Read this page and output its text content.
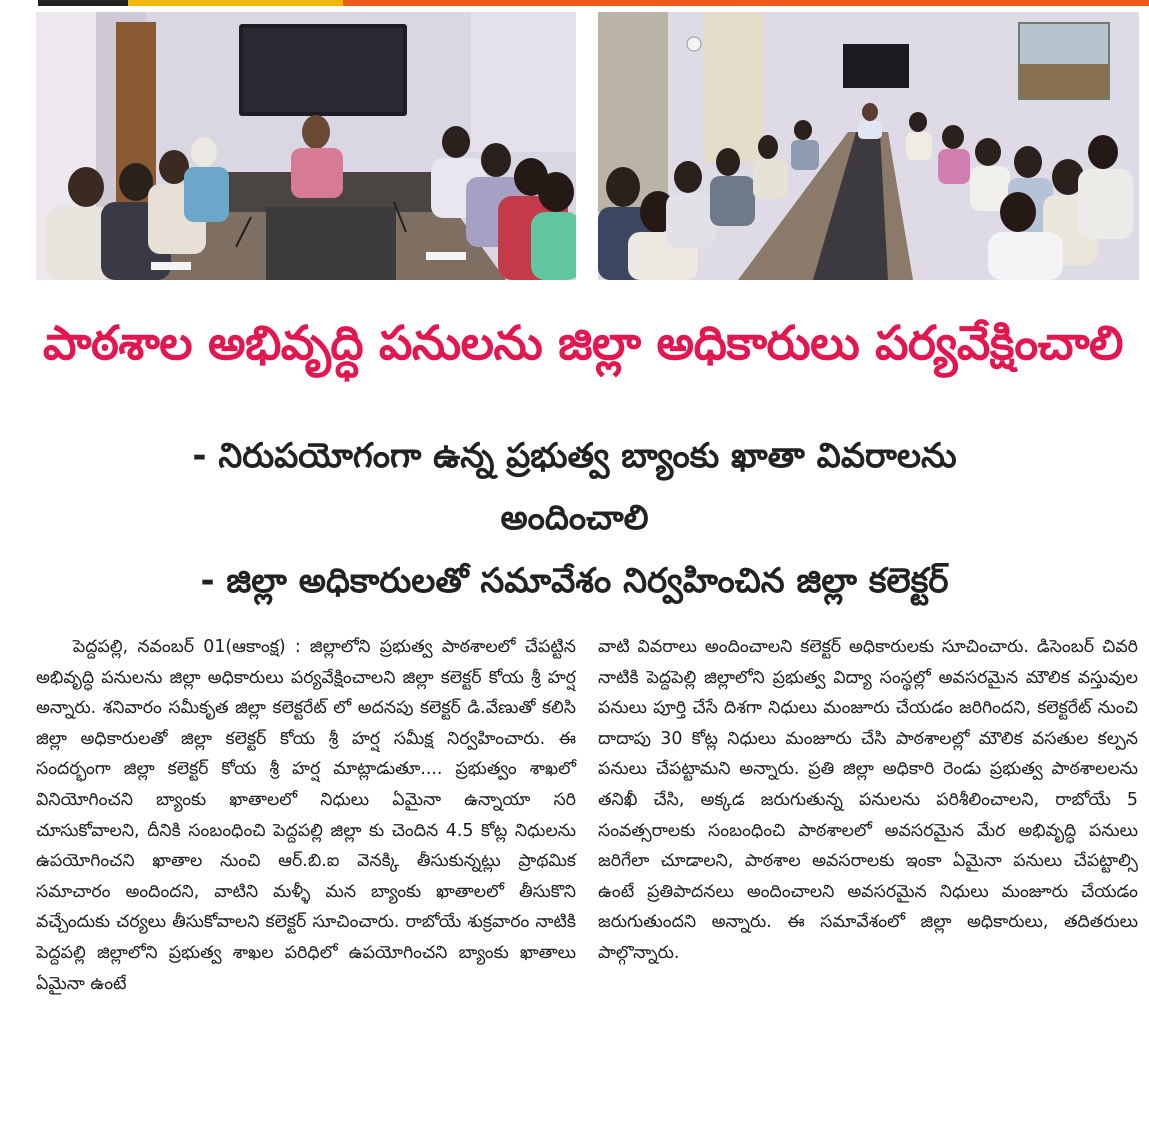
పాఠశాల అభివృద్ధి పనులను జిల్లా అధికారులు పర్యవేక్షించాలి
- నిరుపయోగంగా ఉన్న ప్రభుత్వ బ్యాంకు ఖాతా వివరాలను
అందించాలి
- జిల్లా అధికారులతో సమావేశం నిర్వహించిన జిల్లా కలెక్టర్

పెద్దపల్లి, నవంబర్ 01(ఆకాంక్ష) : జిల్లాలోని ప్రభుత్వ పాఠశాలలో చేపట్టిన అభివృద్ధి పనులను జిల్లా అధికారులు పర్యవేక్షించాలని జిల్లా కలెక్టర్ కోయ శ్రీ హర్ష అన్నారు. శనివారం సమీకృత జిల్లా కలెక్టరేట్ లో అదనపు కలెక్టర్ డి.వేణుతో కలిసి జిల్లా అధికారులతో జిల్లా కలెక్టర్ కోయ శ్రీ హర్ష సమీక్ష నిర్వహించారు. ఈ సందర్భంగా జిల్లా కలెక్టర్ కోయ శ్రీ హర్ష మాట్లాడుతూ.... ప్రభుత్వం శాఖలో వినియోగించని బ్యాంకు ఖాతాలలో నిధులు ఏమైనా ఉన్నాయా సరి చూసుకోవాలని, దీనికి సంబంధించి పెద్దపల్లి జిల్లా కు చెందిన 4.5 కోట్ల నిధులను ఉపయోగించని ఖాతాల నుంచి ఆర్.బి.ఐ వెనక్కి తీసుకున్నట్లు ప్రాథమిక సమాచారం అందిందని, వాటిని మళ్ళీ మన బ్యాంకు ఖాతాలలో తీసుకొని వచ్చేందుకు చర్యలు తీసుకోవాలని కలెక్టర్ సూచించారు. రాబోయే శుక్రవారం నాటికి పెద్దపల్లి జిల్లాలోని ప్రభుత్వ శాఖల పరిధిలో ఉపయోగించని బ్యాంకు ఖాతాలు ఏమైనా ఉంటే

వాటి వివరాలు అందించాలని కలెక్టర్ అధికారులకు సూచించారు. డిసెంబర్ చివరి నాటికి పెద్దపెల్లి జిల్లాలోని ప్రభుత్వ విద్యా సంస్థల్లో అవసరమైన మౌలిక వస్తువుల పనులు పూర్తి చేసే దిశగా నిధులు మంజూరు చేయడం జరిగిందని, కలెక్టరేట్ నుంచి దాదాపు 30 కోట్ల నిధులు మంజూరు చేసి పాఠశాలల్లో మౌలిక వసతుల కల్పన పనులు చేపట్టామని అన్నారు. ప్రతి జిల్లా అధికారి రెండు ప్రభుత్వ పాఠశాలలను తనిఖీ చేసి, అక్కడ జరుగుతున్న పనులను పరిశీలించాలని, రాబోయే 5 సంవత్సరాలకు సంబంధించి పాఠశాలలో అవసరమైన మేర అభివృద్ధి పనులు జరిగేలా చూడాలని, పాఠశాల అవసరాలకు ఇంకా ఏమైనా పనులు చేపట్టాల్సి ఉంటే ప్రతిపాదనలు అందించాలని అవసరమైన నిధులు మంజూరు చేయడం జరుగుతుందని అన్నారు. ఈ సమావేశంలో జిల్లా అధికారులు, తదితరులు పాల్గొన్నారు.
